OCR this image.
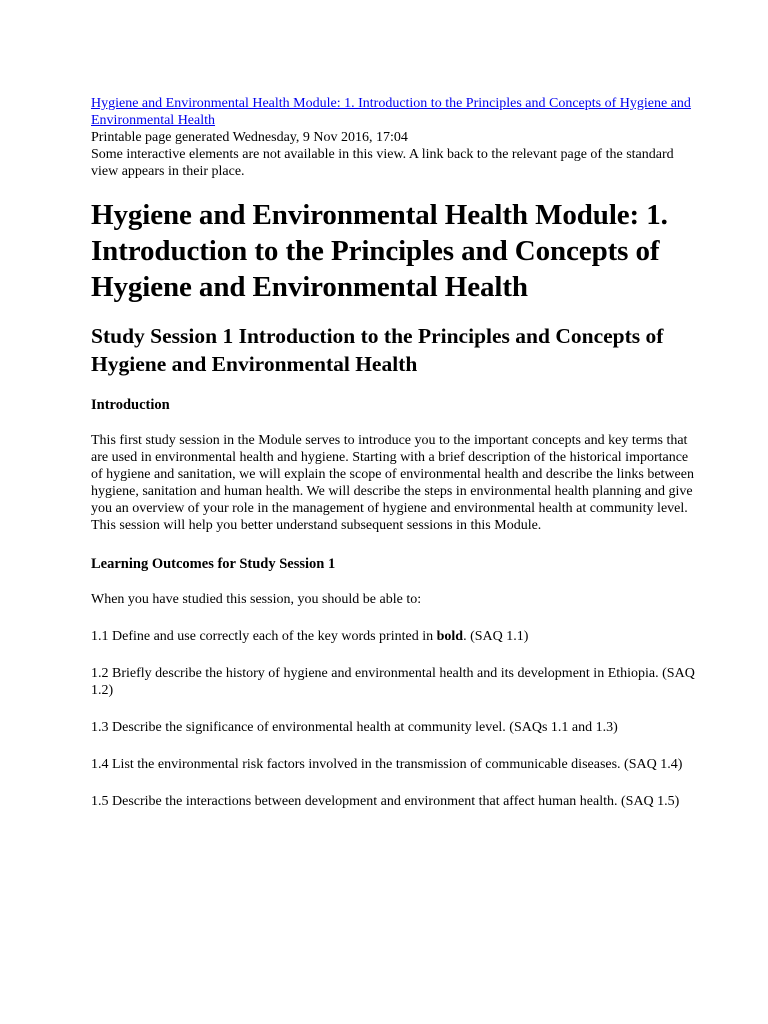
Hygiene and Environmental Health Module: 1. Introduction to the Principles and Concepts of Hygiene and Environmental Health
Printable page generated Wednesday, 9 Nov 2016, 17:04
Some interactive elements are not available in this view. A link back to the relevant page of the standard view appears in their place.
Hygiene and Environmental Health Module: 1. Introduction to the Principles and Concepts of Hygiene and Environmental Health
Study Session 1 Introduction to the Principles and Concepts of Hygiene and Environmental Health
Introduction

This first study session in the Module serves to introduce you to the important concepts and key terms that are used in environmental health and hygiene. Starting with a brief description of the historical importance of hygiene and sanitation, we will explain the scope of environmental health and describe the links between hygiene, sanitation and human health. We will describe the steps in environmental health planning and give you an overview of your role in the management of hygiene and environmental health at community level. This session will help you better understand subsequent sessions in this Module.

Learning Outcomes for Study Session 1

When you have studied this session, you should be able to:

1.1 Define and use correctly each of the key words printed in bold. (SAQ 1.1)

1.2 Briefly describe the history of hygiene and environmental health and its development in Ethiopia. (SAQ 1.2)

1.3 Describe the significance of environmental health at community level. (SAQs 1.1 and 1.3)

1.4 List the environmental risk factors involved in the transmission of communicable diseases. (SAQ 1.4)

1.5 Describe the interactions between development and environment that affect human health. (SAQ 1.5)
